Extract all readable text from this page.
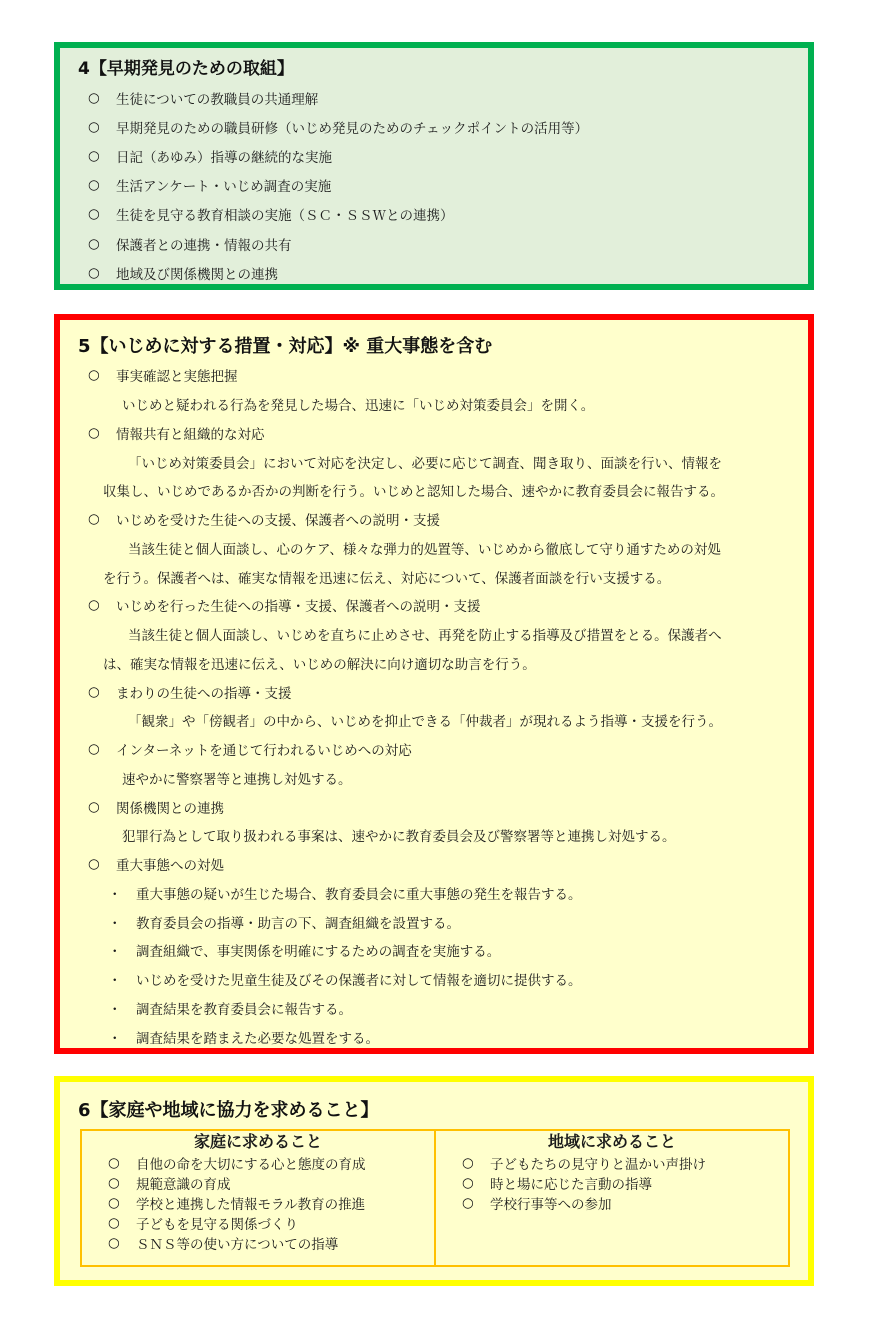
4【早期発見のための取組】
○	生徒についての教職員の共通理解
○	早期発見のための職員研修（いじめ発見のためのチェックポイントの活用等）
○	日記（あゆみ）指導の継続的な実施
○	生活アンケート・いじめ調査の実施
○	生徒を見守る教育相談の実施（ＳＣ・ＳＳＷとの連携）
○	保護者との連携・情報の共有
○	地域及び関係機関との連携
5【いじめに対する措置・対応】※ 重大事態を含む
○	事実確認と実態把握
いじめと疑われる行為を発見した場合、迅速に「いじめ対策委員会」を開く。
○	情報共有と組織的な対応
「いじめ対策委員会」において対応を決定し、必要に応じて調査、聞き取り、面談を行い、情報を
収集し、いじめであるか否かの判断を行う。いじめと認知した場合、速やかに教育委員会に報告する。
○	いじめを受けた生徒への支援、保護者への説明・支援
当該生徒と個人面談し、心のケア、様々な弾力的処置等、いじめから徹底して守り通すための対処
を行う。保護者へは、確実な情報を迅速に伝え、対応について、保護者面談を行い支援する。
○	いじめを行った生徒への指導・支援、保護者への説明・支援
当該生徒と個人面談し、いじめを直ちに止めさせ、再発を防止する指導及び措置をとる。保護者へ
は、確実な情報を迅速に伝え、いじめの解決に向け適切な助言を行う。
○	まわりの生徒への指導・支援
「観衆」や「傍観者」の中から、いじめを抑止できる「仲裁者」が現れるよう指導・支援を行う。
○	インターネットを通じて行われるいじめへの対応
速やかに警察署等と連携し対処する。
○	関係機関との連携
犯罪行為として取り扱われる事案は、速やかに教育委員会及び警察署等と連携し対処する。
○	重大事態への対処
・	重大事態の疑いが生じた場合、教育委員会に重大事態の発生を報告する。
・	教育委員会の指導・助言の下、調査組織を設置する。
・	調査組織で、事実関係を明確にするための調査を実施する。
・	いじめを受けた児童生徒及びその保護者に対して情報を適切に提供する。
・	調査結果を教育委員会に報告する。
・	調査結果を踏まえた必要な処置をする。
6【家庭や地域に協力を求めること】
家庭に求めること
○	自他の命を大切にする心と態度の育成
○	規範意識の育成
○	学校と連携した情報モラル教育の推進
○	子どもを見守る関係づくり
○	ＳＮＳ等の使い方についての指導
地域に求めること
○	子どもたちの見守りと温かい声掛け
○	時と場に応じた言動の指導
○	学校行事等への参加
